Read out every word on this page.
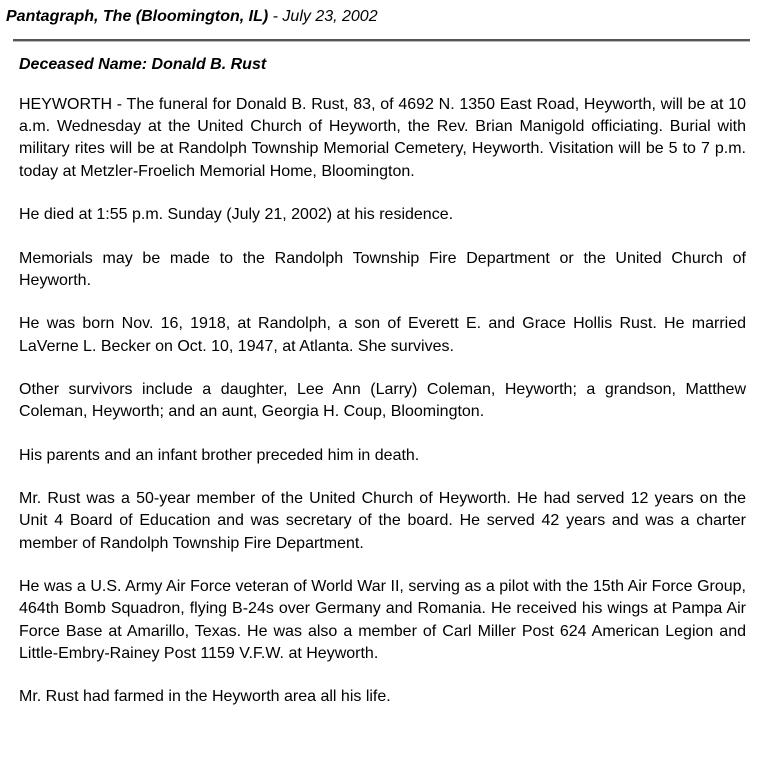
Pantagraph, The (Bloomington, IL) - July 23, 2002
Deceased Name: Donald B. Rust

HEYWORTH - The funeral for Donald B. Rust, 83, of 4692 N. 1350 East Road, Heyworth, will be at 10 a.m. Wednesday at the United Church of Heyworth, the Rev. Brian Manigold officiating. Burial with military rites will be at Randolph Township Memorial Cemetery, Heyworth. Visitation will be 5 to 7 p.m. today at Metzler-Froelich Memorial Home, Bloomington.

He died at 1:55 p.m. Sunday (July 21, 2002) at his residence.

Memorials may be made to the Randolph Township Fire Department or the United Church of Heyworth.

He was born Nov. 16, 1918, at Randolph, a son of Everett E. and Grace Hollis Rust. He married LaVerne L. Becker on Oct. 10, 1947, at Atlanta. She survives.

Other survivors include a daughter, Lee Ann (Larry) Coleman, Heyworth; a grandson, Matthew Coleman, Heyworth; and an aunt, Georgia H. Coup, Bloomington.

His parents and an infant brother preceded him in death.

Mr. Rust was a 50-year member of the United Church of Heyworth. He had served 12 years on the Unit 4 Board of Education and was secretary of the board. He served 42 years and was a charter member of Randolph Township Fire Department.

He was a U.S. Army Air Force veteran of World War II, serving as a pilot with the 15th Air Force Group, 464th Bomb Squadron, flying B-24s over Germany and Romania. He received his wings at Pampa Air Force Base at Amarillo, Texas. He was also a member of Carl Miller Post 624 American Legion and Little-Embry-Rainey Post 1159 V.F.W. at Heyworth.

Mr. Rust had farmed in the Heyworth area all his life.
